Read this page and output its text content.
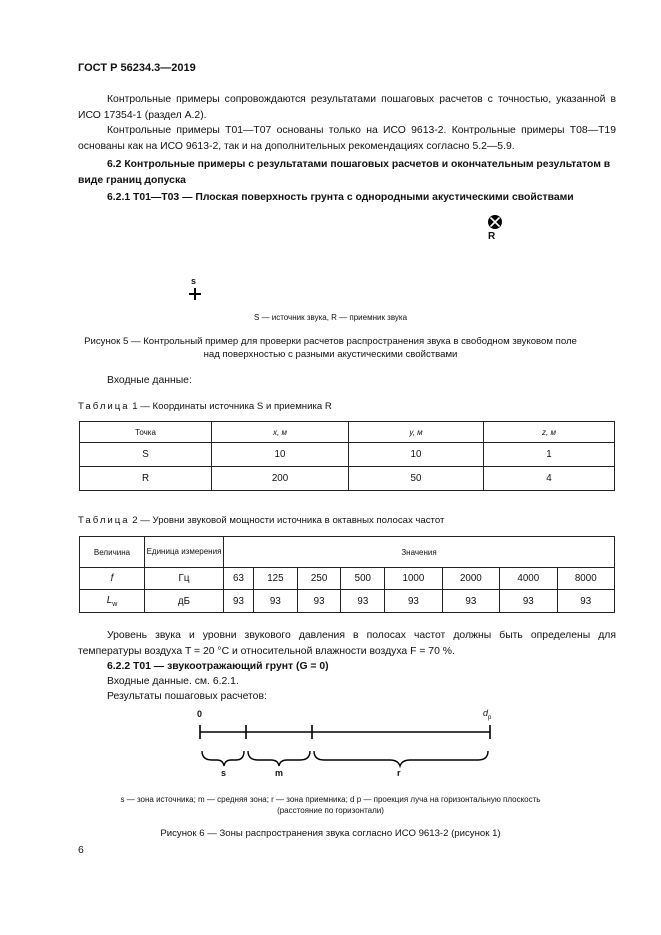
ГОСТ Р 56234.3—2019
Контрольные примеры сопровождаются результатами пошаговых расчетов с точностью, указанной в ИСО 17354-1 (раздел А.2).
Контрольные примеры Т01—Т07 основаны только на ИСО 9613-2. Контрольные примеры Т08—Т19 основаны как на ИСО 9613-2, так и на дополнительных рекомендациях согласно 5.2—5.9.
6.2 Контрольные примеры с результатами пошаговых расчетов и окончательным результатом в виде границ допуска
6.2.1 Т01—Т03 — Плоская поверхность грунта с однородными акустическими свойствами
R
s
S — источник звука, R — приемник звука
Рисунок 5 — Контрольный пример для проверки расчетов распространения звука в свободном звуковом поле
над поверхностью с разными акустическими свойствами
Входные данные:
Таблица 1 — Координаты источника S и приемника R
Точка	x, м	y, м	z, м
S	10	10	1
R	200	50	4
Таблица 2 — Уровни звуковой мощности источника в октавных полосах частот
Величина	Единица измерения	Значения							
f	Гц	63	125	250	500	1000	2000	4000	8000
$L_w$	дБ	93	93	93	93	93	93	93	93
Уровень звука и уровни звукового давления в полосах частот должны быть определены для температуры воздуха T = 20 °C и относительной влажности воздуха F = 70 %.
6.2.2 Т01 — звукоотражающий грунт (G = 0)
Входные данные. см. 6.2.1.
Результаты пошаговых расчетов:
0	$d_p$
s	m	r
s — зона источника; m — средняя зона; r — зона приемника; d p — проекция луча на горизонтальную плоскость
(расстояние по горизонтали)
Рисунок 6 — Зоны распространения звука согласно ИСО 9613-2 (рисунок 1)
6
